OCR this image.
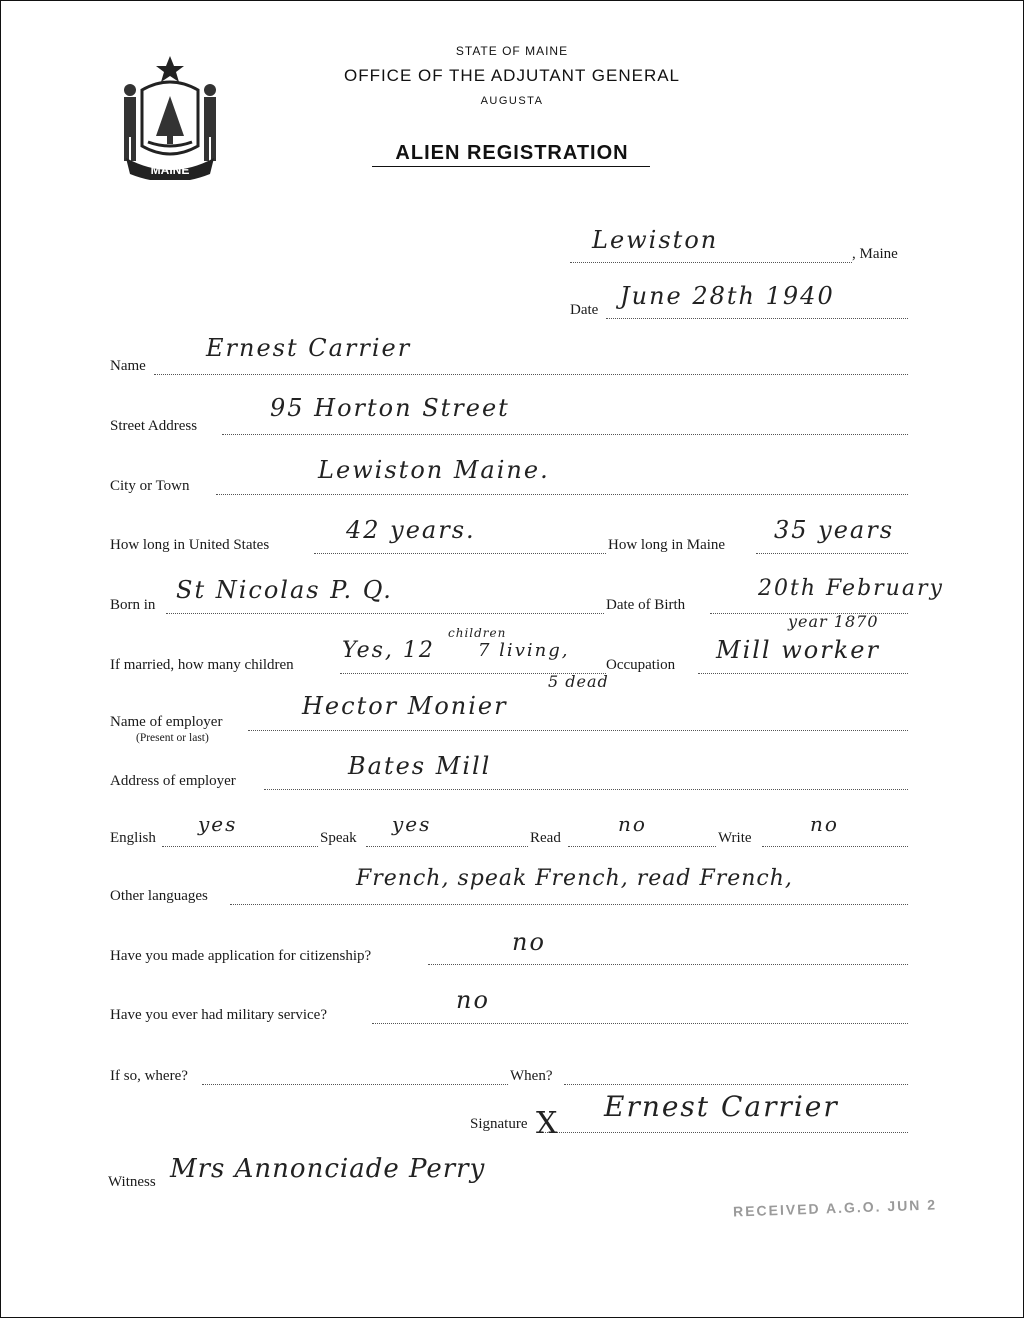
MAINE
STATE OF MAINE
OFFICE OF THE ADJUTANT GENERAL
AUGUSTA
ALIEN REGISTRATION
Lewiston	, Maine
Date June 28th 1940
Name
Ernest Carrier
Street Address
95 Horton Street
City or Town
Lewiston Maine.
How long in United States
42 years.
How long in Maine
35 years
Born in
St Nicolas P. Q.
Date of Birth
20th February
year 1870
If married, how many children
Yes, 12
children
7 living,
5 dead
Occupation
Mill worker
Name of employer
(Present or last)
Hector Monier
Address of employer
Bates Mill
English
yes
Speak
yes
Read
no
Write
no
Other languages
French, speak French, read French,
Have you made application for citizenship?	no
Have you ever had military service?
no
If so, where?	When?
Signature X Ernest Carrier
Witness Mrs Annonciade Perry
RECEIVED A.G.O. JUN 2
